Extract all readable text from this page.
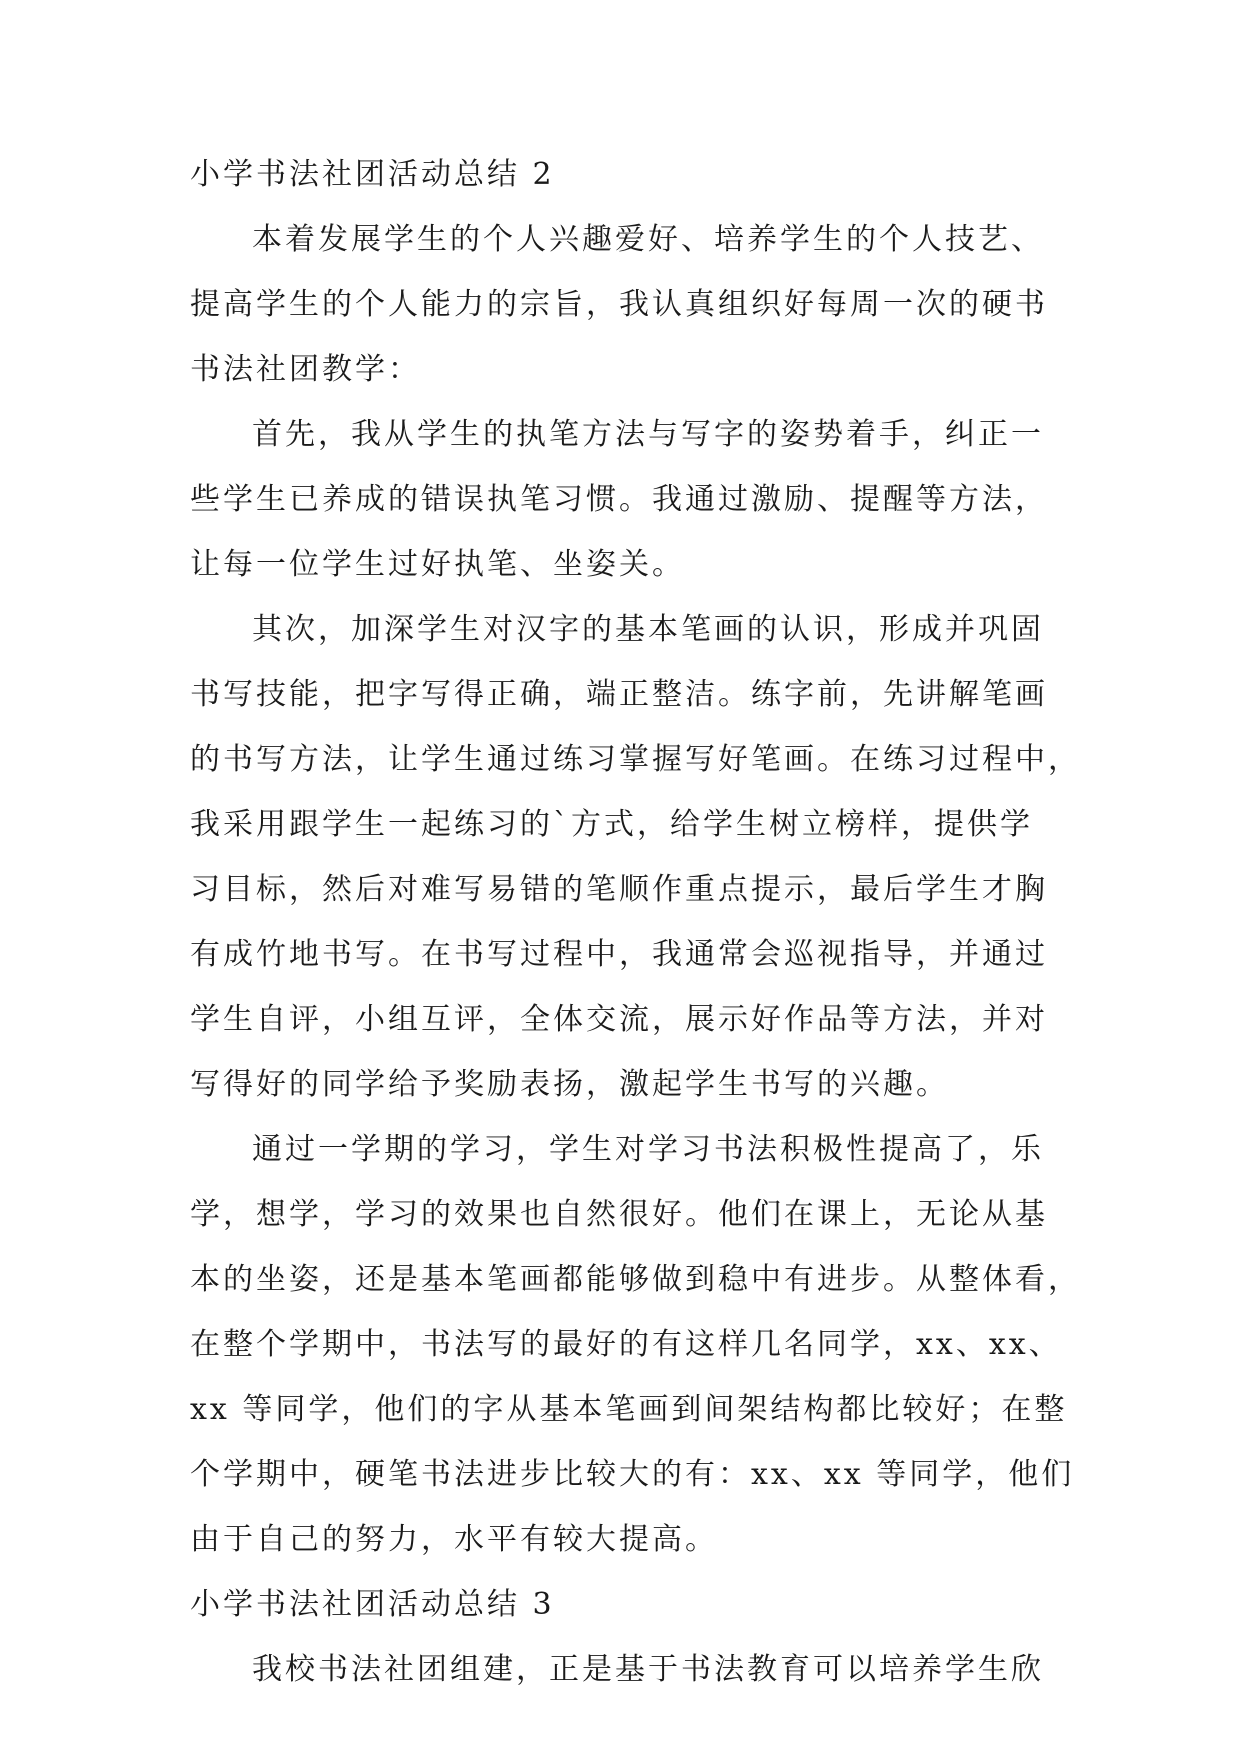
小学书法社团活动总结 2
本着发展学生的个人兴趣爱好、培养学生的个人技艺、
提高学生的个人能力的宗旨，我认真组织好每周一次的硬书
书法社团教学：
首先，我从学生的执笔方法与写字的姿势着手，纠正一
些学生已养成的错误执笔习惯。我通过激励、提醒等方法，
让每一位学生过好执笔、坐姿关。
其次，加深学生对汉字的基本笔画的认识，形成并巩固
书写技能，把字写得正确，端正整洁。练字前，先讲解笔画
的书写方法，让学生通过练习掌握写好笔画。在练习过程中，
我采用跟学生一起练习的`方式，给学生树立榜样，提供学
习目标，然后对难写易错的笔顺作重点提示，最后学生才胸
有成竹地书写。在书写过程中，我通常会巡视指导，并通过
学生自评，小组互评，全体交流，展示好作品等方法，并对
写得好的同学给予奖励表扬，激起学生书写的兴趣。
通过一学期的学习，学生对学习书法积极性提高了，乐
学，想学，学习的效果也自然很好。他们在课上，无论从基
本的坐姿，还是基本笔画都能够做到稳中有进步。从整体看，
在整个学期中，书法写的最好的有这样几名同学，xx、xx、
xx 等同学，他们的字从基本笔画到间架结构都比较好；在整
个学期中，硬笔书法进步比较大的有：xx、xx 等同学，他们
由于自己的努力，水平有较大提高。
小学书法社团活动总结 3
我校书法社团组建，正是基于书法教育可以培养学生欣
